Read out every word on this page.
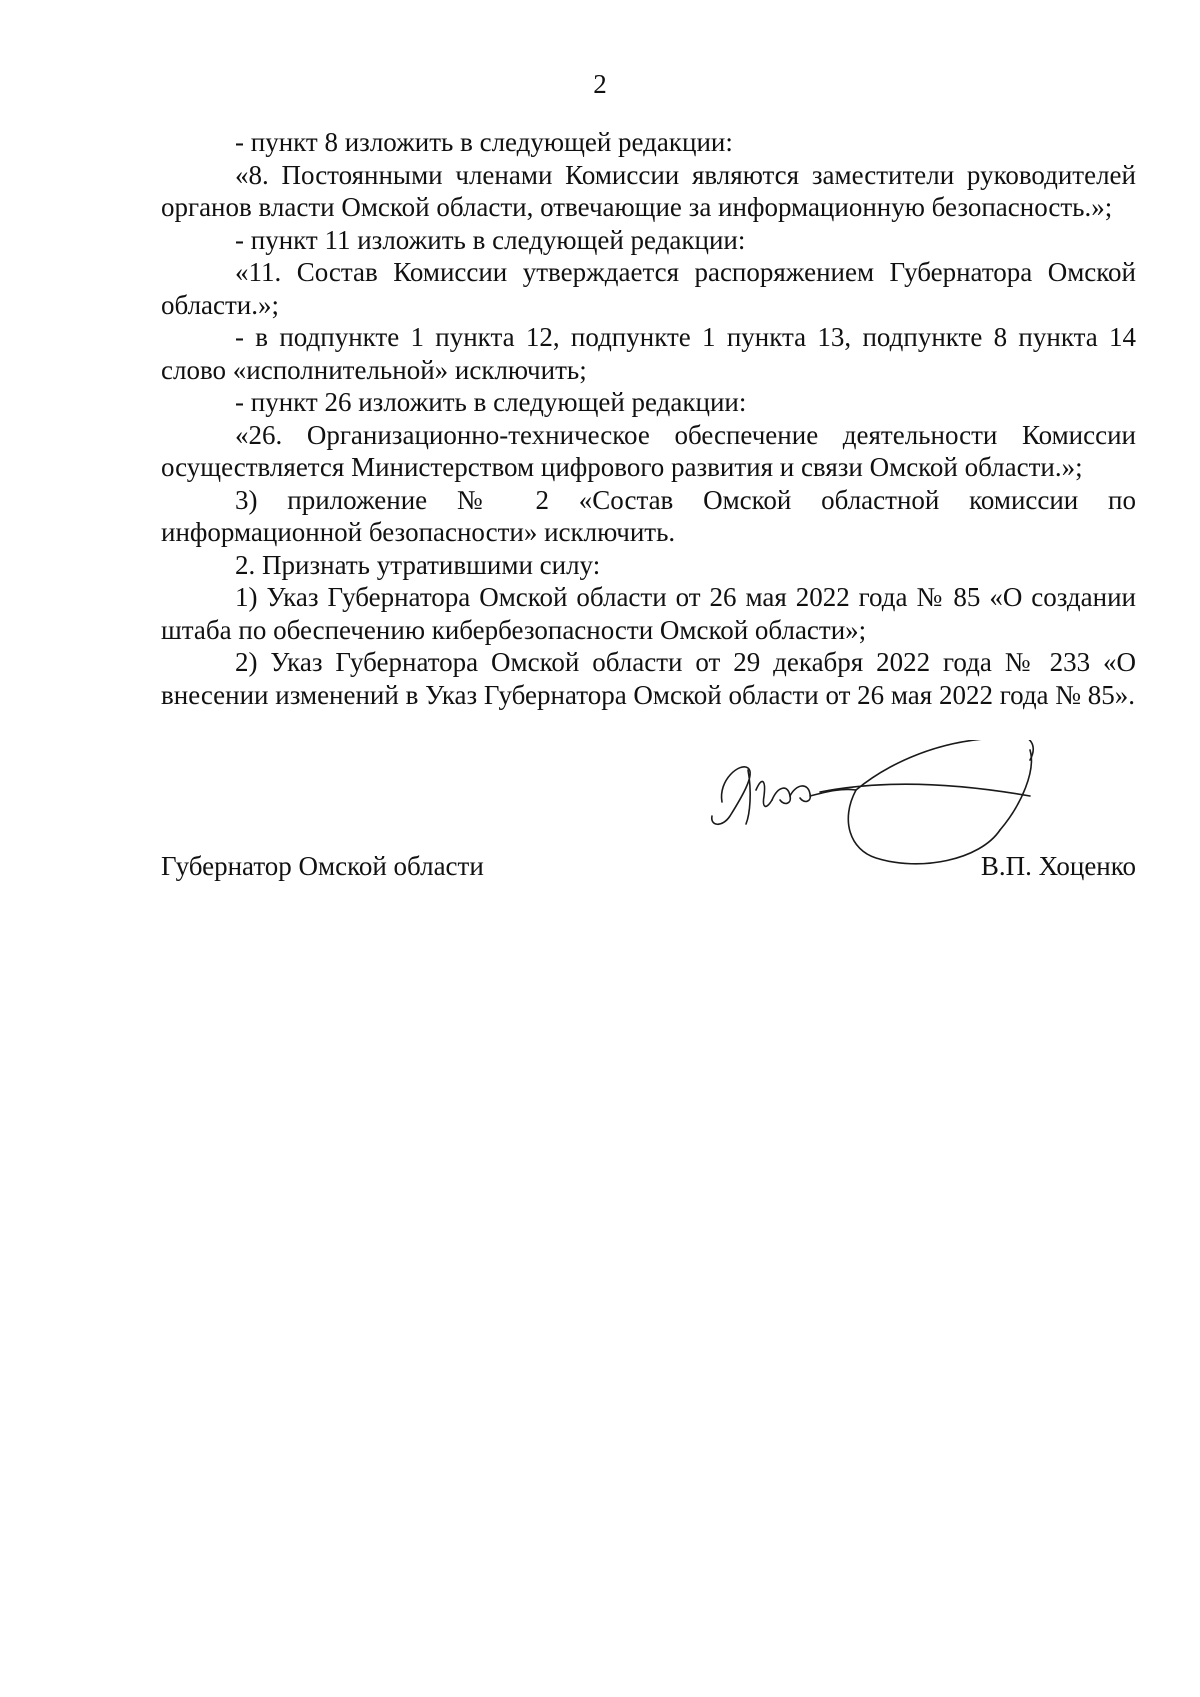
2

- пункт 8 изложить в следующей редакции:

«8. Постоянными членами Комиссии являются заместители руководителей органов власти Омской области, отвечающие за информационную безопасность.»;

- пункт 11 изложить в следующей редакции:

«11. Состав Комиссии утверждается распоряжением Губернатора Омской области.»;

- в подпункте 1 пункта 12, подпункте 1 пункта 13, подпункте 8 пункта 14 слово «исполнительной» исключить;

- пункт 26 изложить в следующей редакции:

«26. Организационно-техническое обеспечение деятельности Комиссии осуществляется Министерством цифрового развития и связи Омской области.»;

3) приложение № 2 «Состав Омской областной комиссии по информационной безопасности» исключить.

2. Признать утратившими силу:

1) Указ Губернатора Омской области от 26 мая 2022 года № 85 «О создании штаба по обеспечению кибербезопасности Омской области»;

2) Указ Губернатора Омской области от 29 декабря 2022 года № 233 «О внесении изменений в Указ Губернатора Омской области от 26 мая 2022 года № 85».

Губернатор Омской области	В.П. Хоценко
